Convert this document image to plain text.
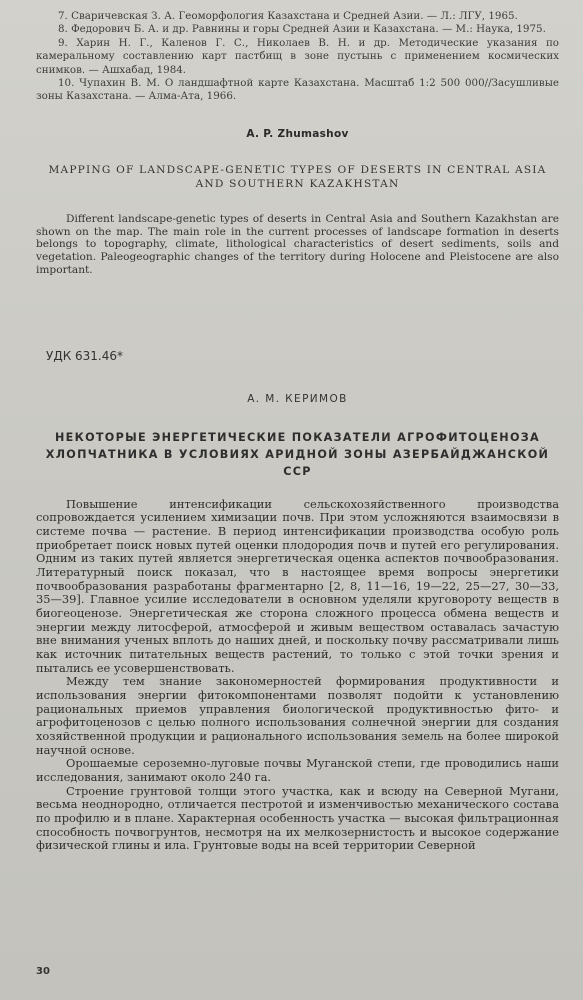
7. Сваричевская З. А. Геоморфология Казахстана и Средней Азии. — Л.: ЛГУ, 1965.

8. Федорович Б. А. и др. Равнины и горы Средней Азии и Казахстана. — М.: Наука, 1975.

9. Харин Н. Г., Каленов Г. С., Николаев В. Н. и др. Методические указания по камеральному составлению карт пастбищ в зоне пустынь с применением космических снимков. — Ашхабад, 1984.

10. Чупахин В. М. О ландшафтной карте Казахстана. Масштаб 1:2 500 000//Засушливые зоны Казахстана. — Алма-Ата, 1966.

A. P. Zhumashov
MAPPING OF LANDSCAPE-GENETIC TYPES OF DESERTS IN CENTRAL ASIA AND SOUTHERN KAZAKHSTAN
Different landscape-genetic types of deserts in Central Asia and Southern Kazakhstan are shown on the map. The main role in the current processes of landscape formation in deserts belongs to topography, climate, lithological characteristics of desert sediments, soils and vegetation. Paleogeographic changes of the territory during Holocene and Pleistocene are also important.
УДК 631.46*
А. М. КЕРИМОВ
НЕКОТОРЫЕ ЭНЕРГЕТИЧЕСКИЕ ПОКАЗАТЕЛИ АГРОФИТОЦЕНОЗА ХЛОПЧАТНИКА В УСЛОВИЯХ АРИДНОЙ ЗОНЫ АЗЕРБАЙДЖАНСКОЙ ССР

Повышение интенсификации сельскохозяйственного производства сопровождается усилением химизации почв. При этом усложняются взаимосвязи в системе почва — растение. В период интенсификации производства особую роль приобретает поиск новых путей оценки плодородия почв и путей его регулирования. Одним из таких путей является энергетическая оценка аспектов почвообразования. Литературный поиск показал, что в настоящее время вопросы энергетики почвообразования разработаны фрагментарно [2, 8, 11—16, 19—22, 25—27, 30—33, 35—39]. Главное усилие исследователи в основном уделяли круговороту веществ в биогеоценозе. Энергетическая же сторона сложного процесса обмена веществ и энергии между литосферой, атмосферой и живым веществом оставалась зачастую вне внимания ученых вплоть до наших дней, и поскольку почву рассматривали лишь как источник питательных веществ растений, то только с этой точки зрения и пытались ее усовершенствовать.

Между тем знание закономерностей формирования продуктивности и использования энергии фитокомпонентами позволят подойти к установлению рациональных приемов управления биологической продуктивностью фито- и агрофитоценозов с целью полного использования солнечной энергии для создания хозяйственной продукции и рационального использования земель на более широкой научной основе.

Орошаемые сероземно-луговые почвы Муганской степи, где проводились наши исследования, занимают около 240 га.

Строение грунтовой толщи этого участка, как и всюду на Северной Мугани, весьма неоднородно, отличается пестротой и изменчивостью механического состава по профилю и в плане. Характерная особенность участка — высокая фильтрационная способность почвогрунтов, несмотря на их мелкозернистость и высокое содержание физической глины и ила. Грунтовые воды на всей территории Северной

30
